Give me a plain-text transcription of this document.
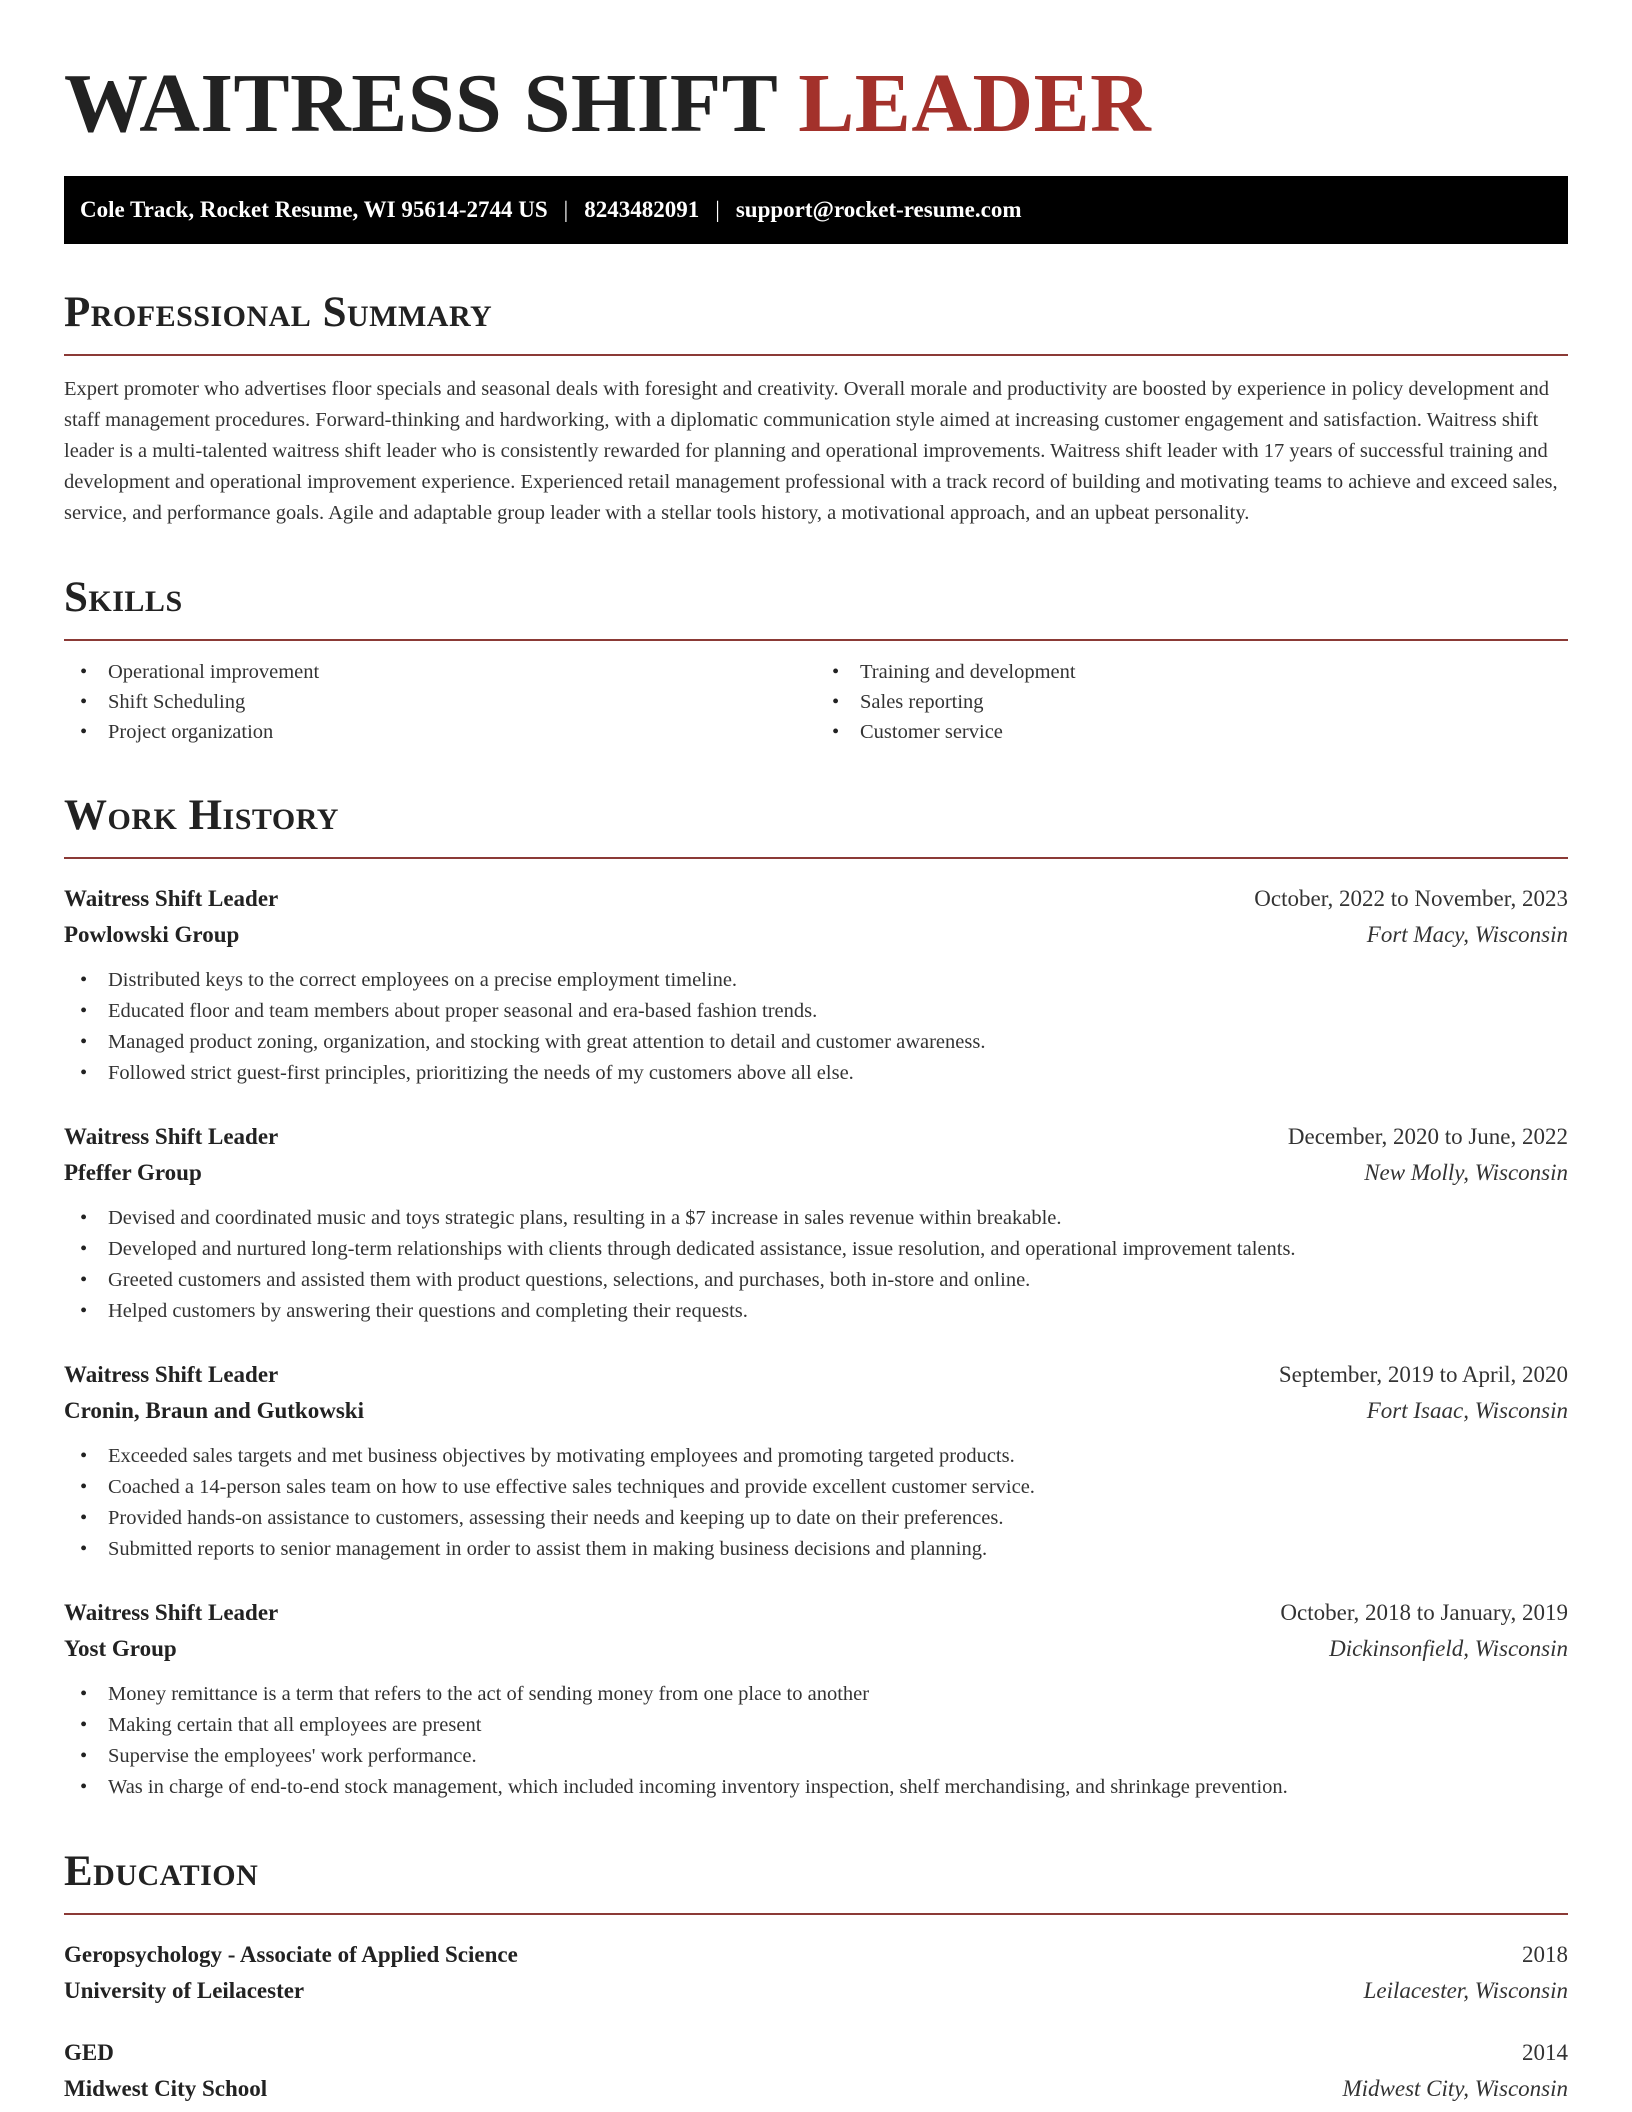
WAITRESS SHIFT LEADER
Cole Track, Rocket Resume, WI 95614-2744 US | 8243482091 | support@rocket-resume.com
Professional Summary

Expert promoter who advertises floor specials and seasonal deals with foresight and creativity. Overall morale and productivity are boosted by experience in policy development and staff management procedures. Forward-thinking and hardworking, with a diplomatic communication style aimed at increasing customer engagement and satisfaction. Waitress shift leader is a multi-talented waitress shift leader who is consistently rewarded for planning and operational improvements. Waitress shift leader with 17 years of successful training and development and operational improvement experience. Experienced retail management professional with a track record of building and motivating teams to achieve and exceed sales, service, and performance goals. Agile and adaptable group leader with a stellar tools history, a motivational approach, and an upbeat personality.

Skills
• Operational improvement
• Shift Scheduling
• Project organization
• Training and development
• Sales reporting
• Customer service
Work History
Waitress Shift Leader	October, 2022 to November, 2023
Powlowski Group	Fort Macy, Wisconsin
• Distributed keys to the correct employees on a precise employment timeline.
• Educated floor and team members about proper seasonal and era-based fashion trends.
• Managed product zoning, organization, and stocking with great attention to detail and customer awareness.
• Followed strict guest-first principles, prioritizing the needs of my customers above all else.
Waitress Shift Leader	December, 2020 to June, 2022
Pfeffer Group	New Molly, Wisconsin
• Devised and coordinated music and toys strategic plans, resulting in a $7 increase in sales revenue within breakable.
• Developed and nurtured long-term relationships with clients through dedicated assistance, issue resolution, and operational improvement talents.
• Greeted customers and assisted them with product questions, selections, and purchases, both in-store and online.
• Helped customers by answering their questions and completing their requests.
Waitress Shift Leader	September, 2019 to April, 2020
Cronin, Braun and Gutkowski	Fort Isaac, Wisconsin
• Exceeded sales targets and met business objectives by motivating employees and promoting targeted products.
• Coached a 14-person sales team on how to use effective sales techniques and provide excellent customer service.
• Provided hands-on assistance to customers, assessing their needs and keeping up to date on their preferences.
• Submitted reports to senior management in order to assist them in making business decisions and planning.
Waitress Shift Leader	October, 2018 to January, 2019
Yost Group	Dickinsonfield, Wisconsin
• Money remittance is a term that refers to the act of sending money from one place to another
• Making certain that all employees are present
• Supervise the employees' work performance.
• Was in charge of end-to-end stock management, which included incoming inventory inspection, shelf merchandising, and shrinkage prevention.
Education
Geropsychology - Associate of Applied Science	2018
University of Leilacester	Leilacester, Wisconsin
GED	2014
Midwest City School	Midwest City, Wisconsin
